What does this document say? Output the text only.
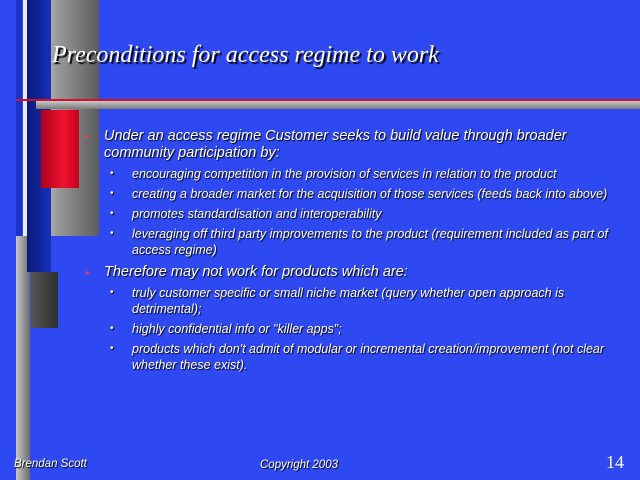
Preconditions for access regime to work
• Under an access regime Customer seeks to build value through broader community participation by:
• encouraging competition in the provision of services in relation to the product
• creating a broader market for the acquisition of those services (feeds back into above)
• promotes standardisation and interoperability
• leveraging off third party improvements to the product (requirement included as part of access regime)
• Therefore may not work for products which are:
• truly customer specific or small niche market (query whether open approach is detrimental);
• highly confidential info or "killer apps";
• products which don't admit of modular or incremental creation/improvement (not clear whether these exist).
Brendan Scott	Copyright 2003	14
